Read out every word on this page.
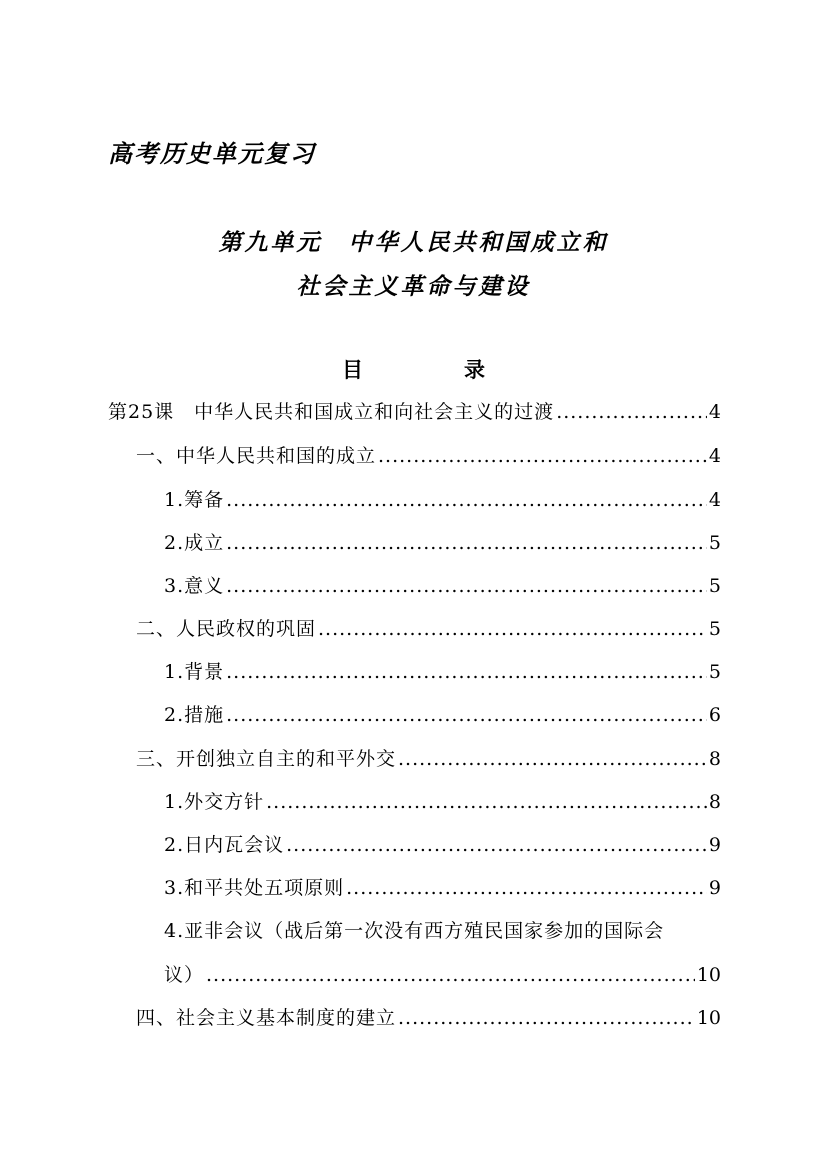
高考历史单元复习
第九单元　中华人民共和国成立和
社会主义革命与建设
目　录
第25课　中华人民共和国成立和向社会主义的过渡 .....	4
一、中华人民共和国的成立 .....	4
1.筹备 .....	4
2.成立 .....	5
3.意义 .....	5
二、人民政权的巩固 .....	5
1.背景 .....	5
2.措施 .....	6
三、开创独立自主的和平外交 .....	8
1.外交方针 .....	8
2.日内瓦会议 .....	9
3.和平共处五项原则 .....	9
4.亚非会议（战后第一次没有西方殖民国家参加的国际会
议） .....	10
四、社会主义基本制度的建立 .....	10
